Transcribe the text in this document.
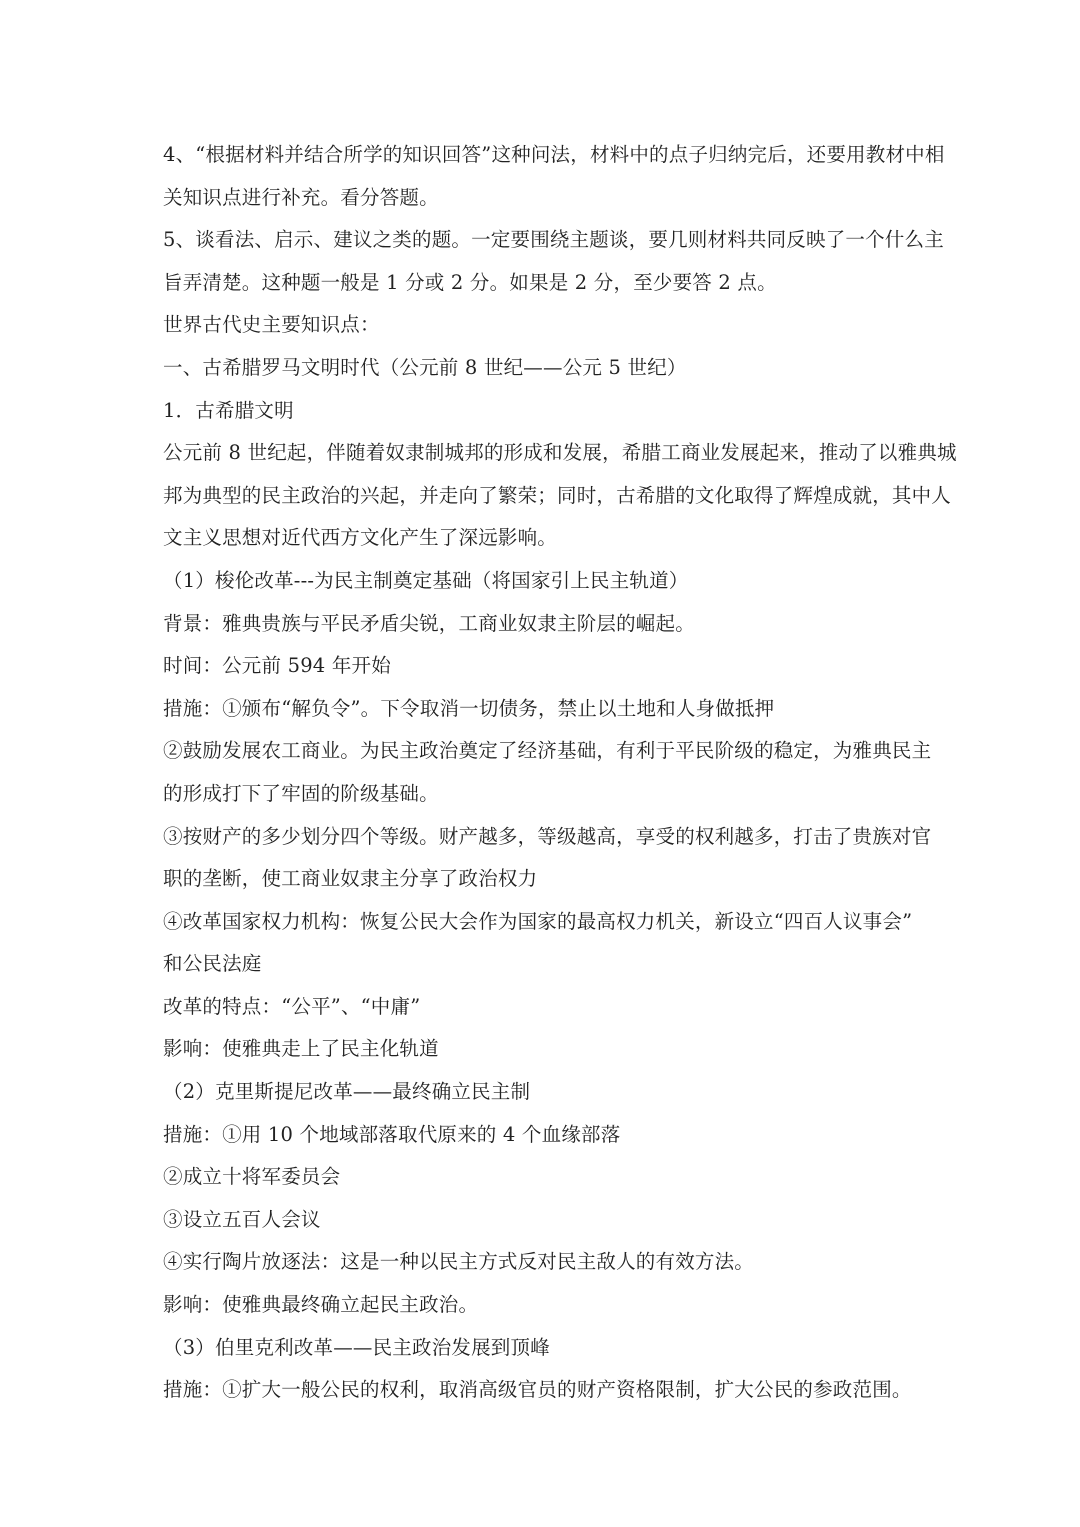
4、“根据材料并结合所学的知识回答”这种问法，材料中的点子归纳完后，还要用教材中相
关知识点进行补充。看分答题。
5、谈看法、启示、建议之类的题。一定要围绕主题谈，要几则材料共同反映了一个什么主
旨弄清楚。这种题一般是 1 分或 2 分。如果是 2 分，至少要答 2 点。
世界古代史主要知识点：
一、古希腊罗马文明时代（公元前 8 世纪——公元 5 世纪）
1．古希腊文明
公元前 8 世纪起，伴随着奴隶制城邦的形成和发展，希腊工商业发展起来，推动了以雅典城
邦为典型的民主政治的兴起，并走向了繁荣；同时，古希腊的文化取得了辉煌成就，其中人
文主义思想对近代西方文化产生了深远影响。
（1）梭伦改革---为民主制奠定基础（将国家引上民主轨道）
背景：雅典贵族与平民矛盾尖锐，工商业奴隶主阶层的崛起。
时间：公元前 594 年开始
措施：①颁布“解负令”。下令取消一切债务，禁止以土地和人身做抵押
②鼓励发展农工商业。为民主政治奠定了经济基础，有利于平民阶级的稳定，为雅典民主
的形成打下了牢固的阶级基础。
③按财产的多少划分四个等级。财产越多，等级越高，享受的权利越多，打击了贵族对官
职的垄断，使工商业奴隶主分享了政治权力
④改革国家权力机构：恢复公民大会作为国家的最高权力机关，新设立“四百人议事会”
和公民法庭
改革的特点：“公平”、“中庸”
影响：使雅典走上了民主化轨道
（2）克里斯提尼改革——最终确立民主制
措施：①用 10 个地域部落取代原来的 4 个血缘部落
②成立十将军委员会
③设立五百人会议
④实行陶片放逐法：这是一种以民主方式反对民主敌人的有效方法。
影响：使雅典最终确立起民主政治。
（3）伯里克利改革——民主政治发展到顶峰
措施：①扩大一般公民的权利，取消高级官员的财产资格限制，扩大公民的参政范围。
